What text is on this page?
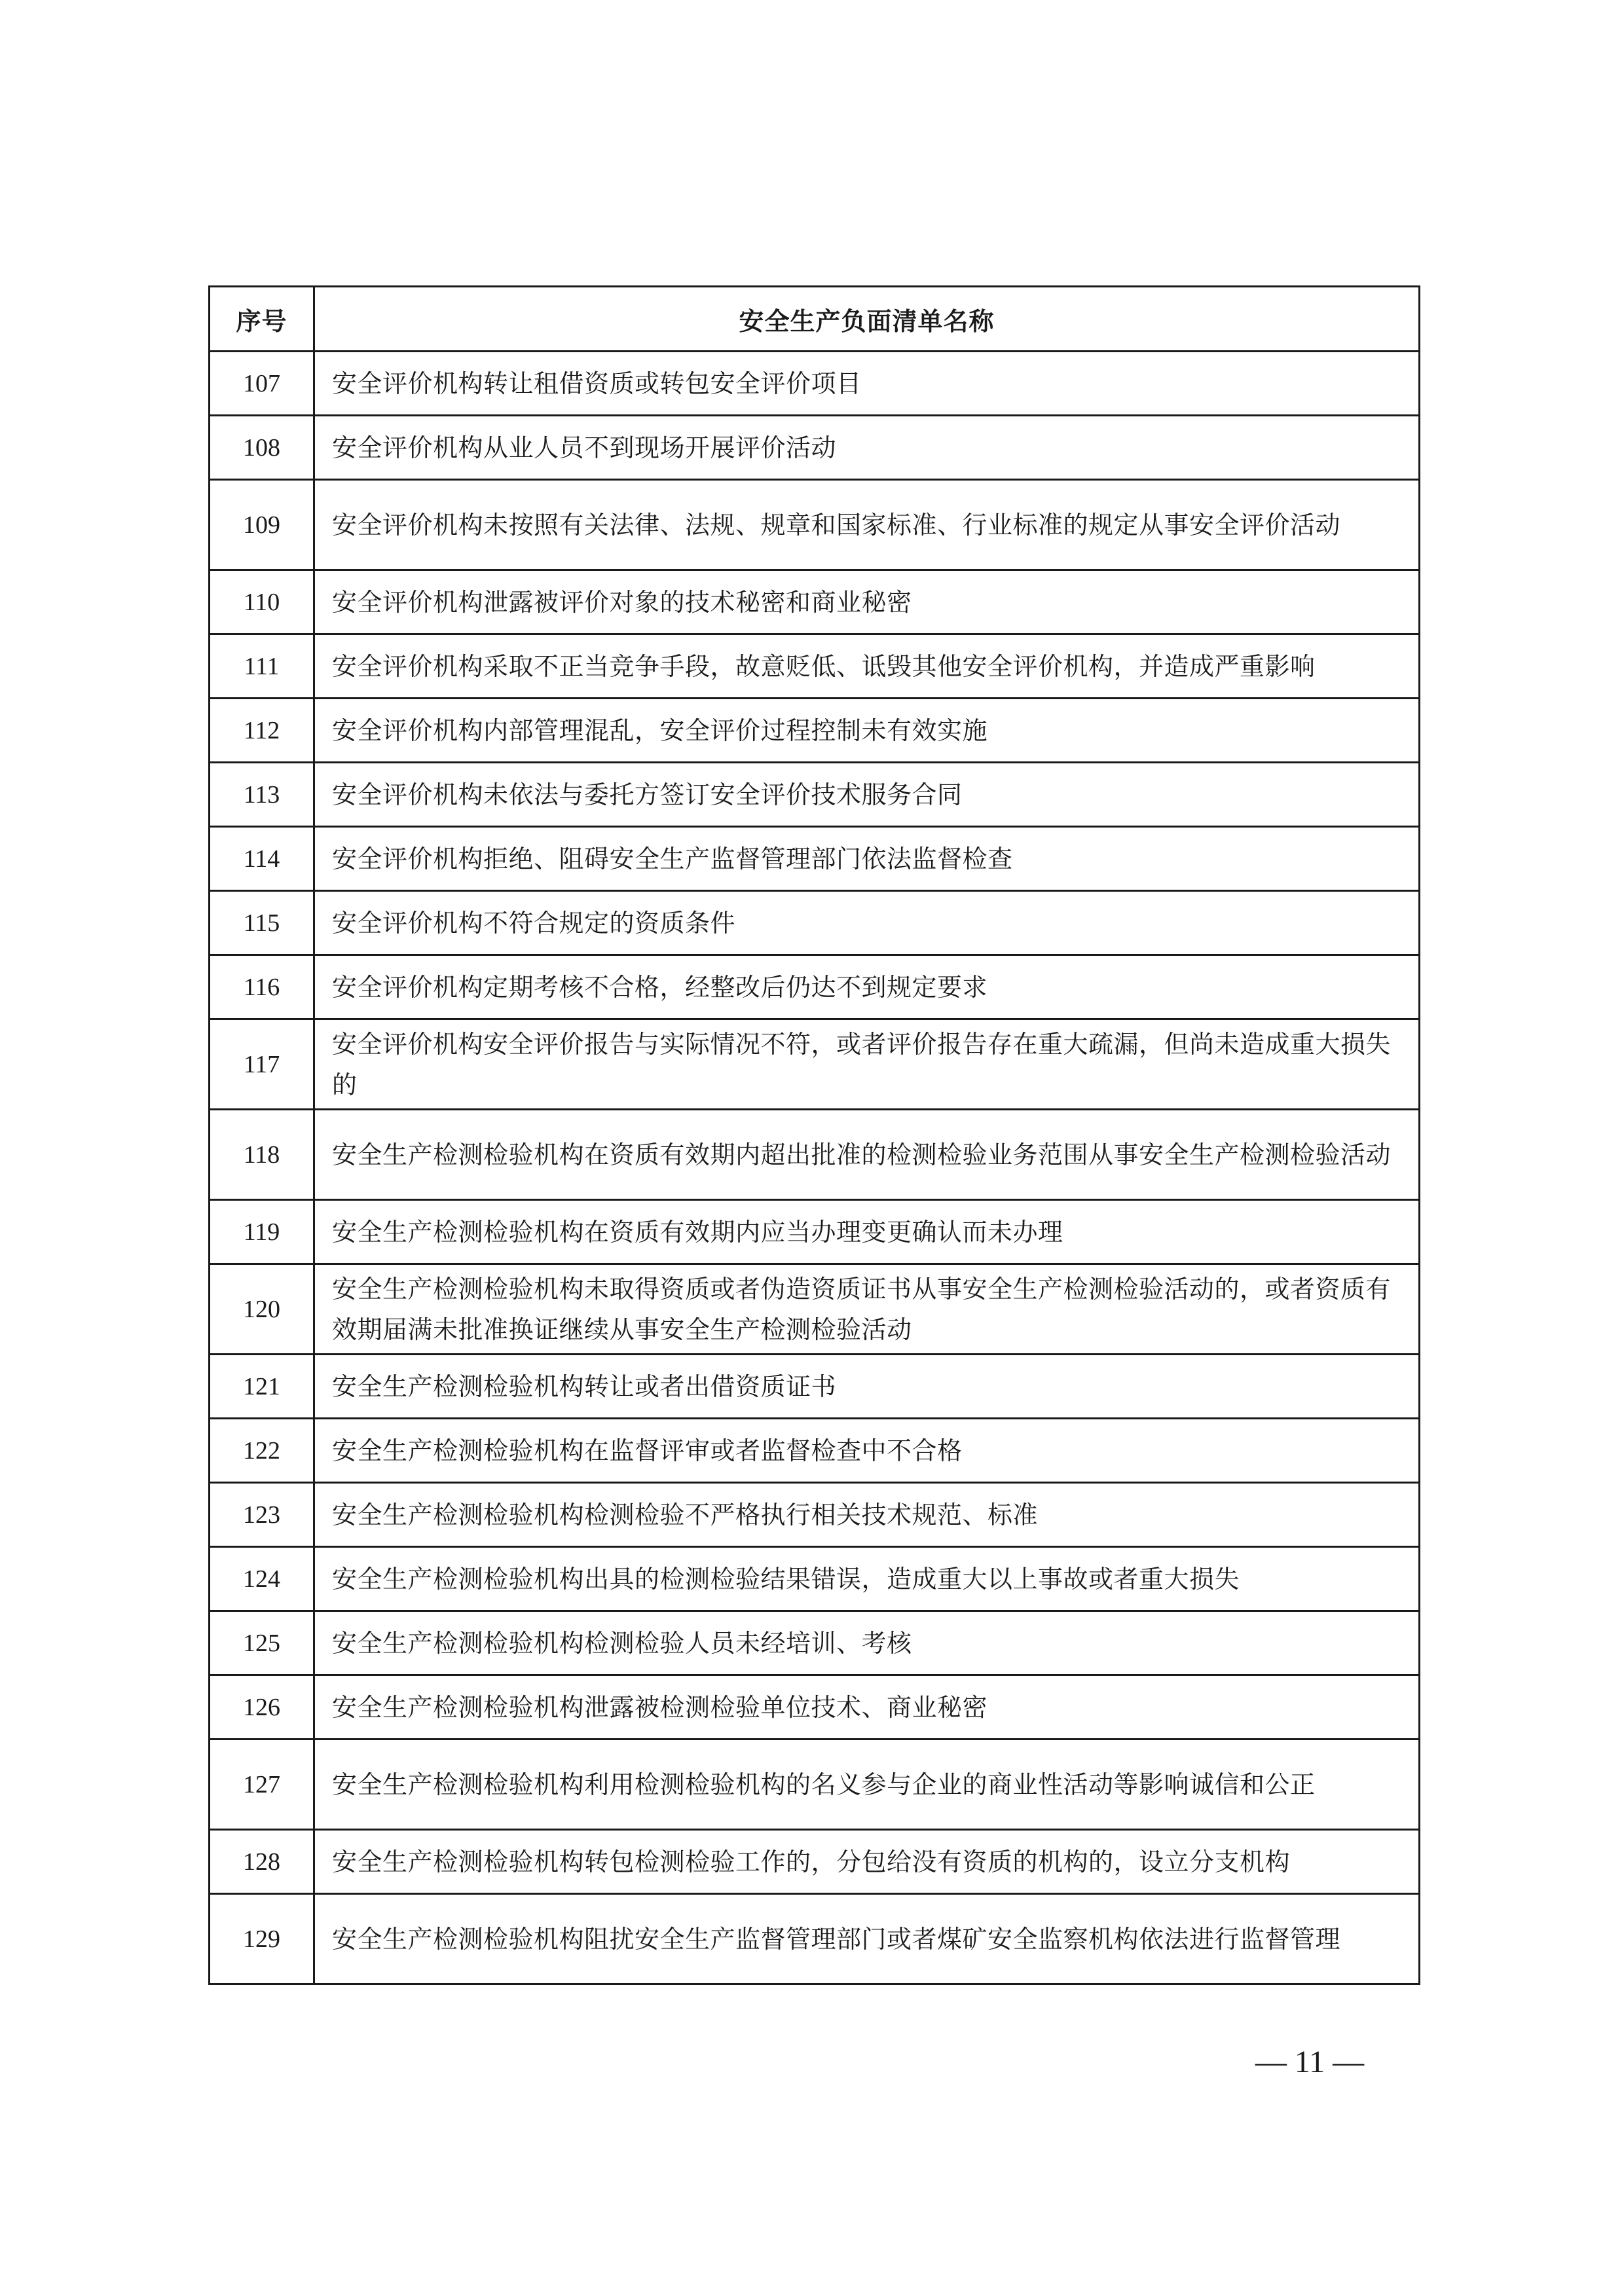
序号	安全生产负面清单名称
107	安全评价机构转让租借资质或转包安全评价项目
108	安全评价机构从业人员不到现场开展评价活动
109	安全评价机构未按照有关法律、法规、规章和国家标准、行业标准的规定从事安全评价活动
110	安全评价机构泄露被评价对象的技术秘密和商业秘密
111	安全评价机构采取不正当竞争手段，故意贬低、诋毁其他安全评价机构，并造成严重影响
112	安全评价机构内部管理混乱，安全评价过程控制未有效实施
113	安全评价机构未依法与委托方签订安全评价技术服务合同
114	安全评价机构拒绝、阻碍安全生产监督管理部门依法监督检查
115	安全评价机构不符合规定的资质条件
116	安全评价机构定期考核不合格，经整改后仍达不到规定要求
117	安全评价机构安全评价报告与实际情况不符，或者评价报告存在重大疏漏，但尚未造成重大损失的
118	安全生产检测检验机构在资质有效期内超出批准的检测检验业务范围从事安全生产检测检验活动
119	安全生产检测检验机构在资质有效期内应当办理变更确认而未办理
120	安全生产检测检验机构未取得资质或者伪造资质证书从事安全生产检测检验活动的，或者资质有效期届满未批准换证继续从事安全生产检测检验活动
121	安全生产检测检验机构转让或者出借资质证书
122	安全生产检测检验机构在监督评审或者监督检查中不合格
123	安全生产检测检验机构检测检验不严格执行相关技术规范、标准
124	安全生产检测检验机构出具的检测检验结果错误，造成重大以上事故或者重大损失
125	安全生产检测检验机构检测检验人员未经培训、考核
126	安全生产检测检验机构泄露被检测检验单位技术、商业秘密
127	安全生产检测检验机构利用检测检验机构的名义参与企业的商业性活动等影响诚信和公正
128	安全生产检测检验机构转包检测检验工作的，分包给没有资质的机构的，设立分支机构
129	安全生产检测检验机构阻扰安全生产监督管理部门或者煤矿安全监察机构依法进行监督管理
— 11 —
